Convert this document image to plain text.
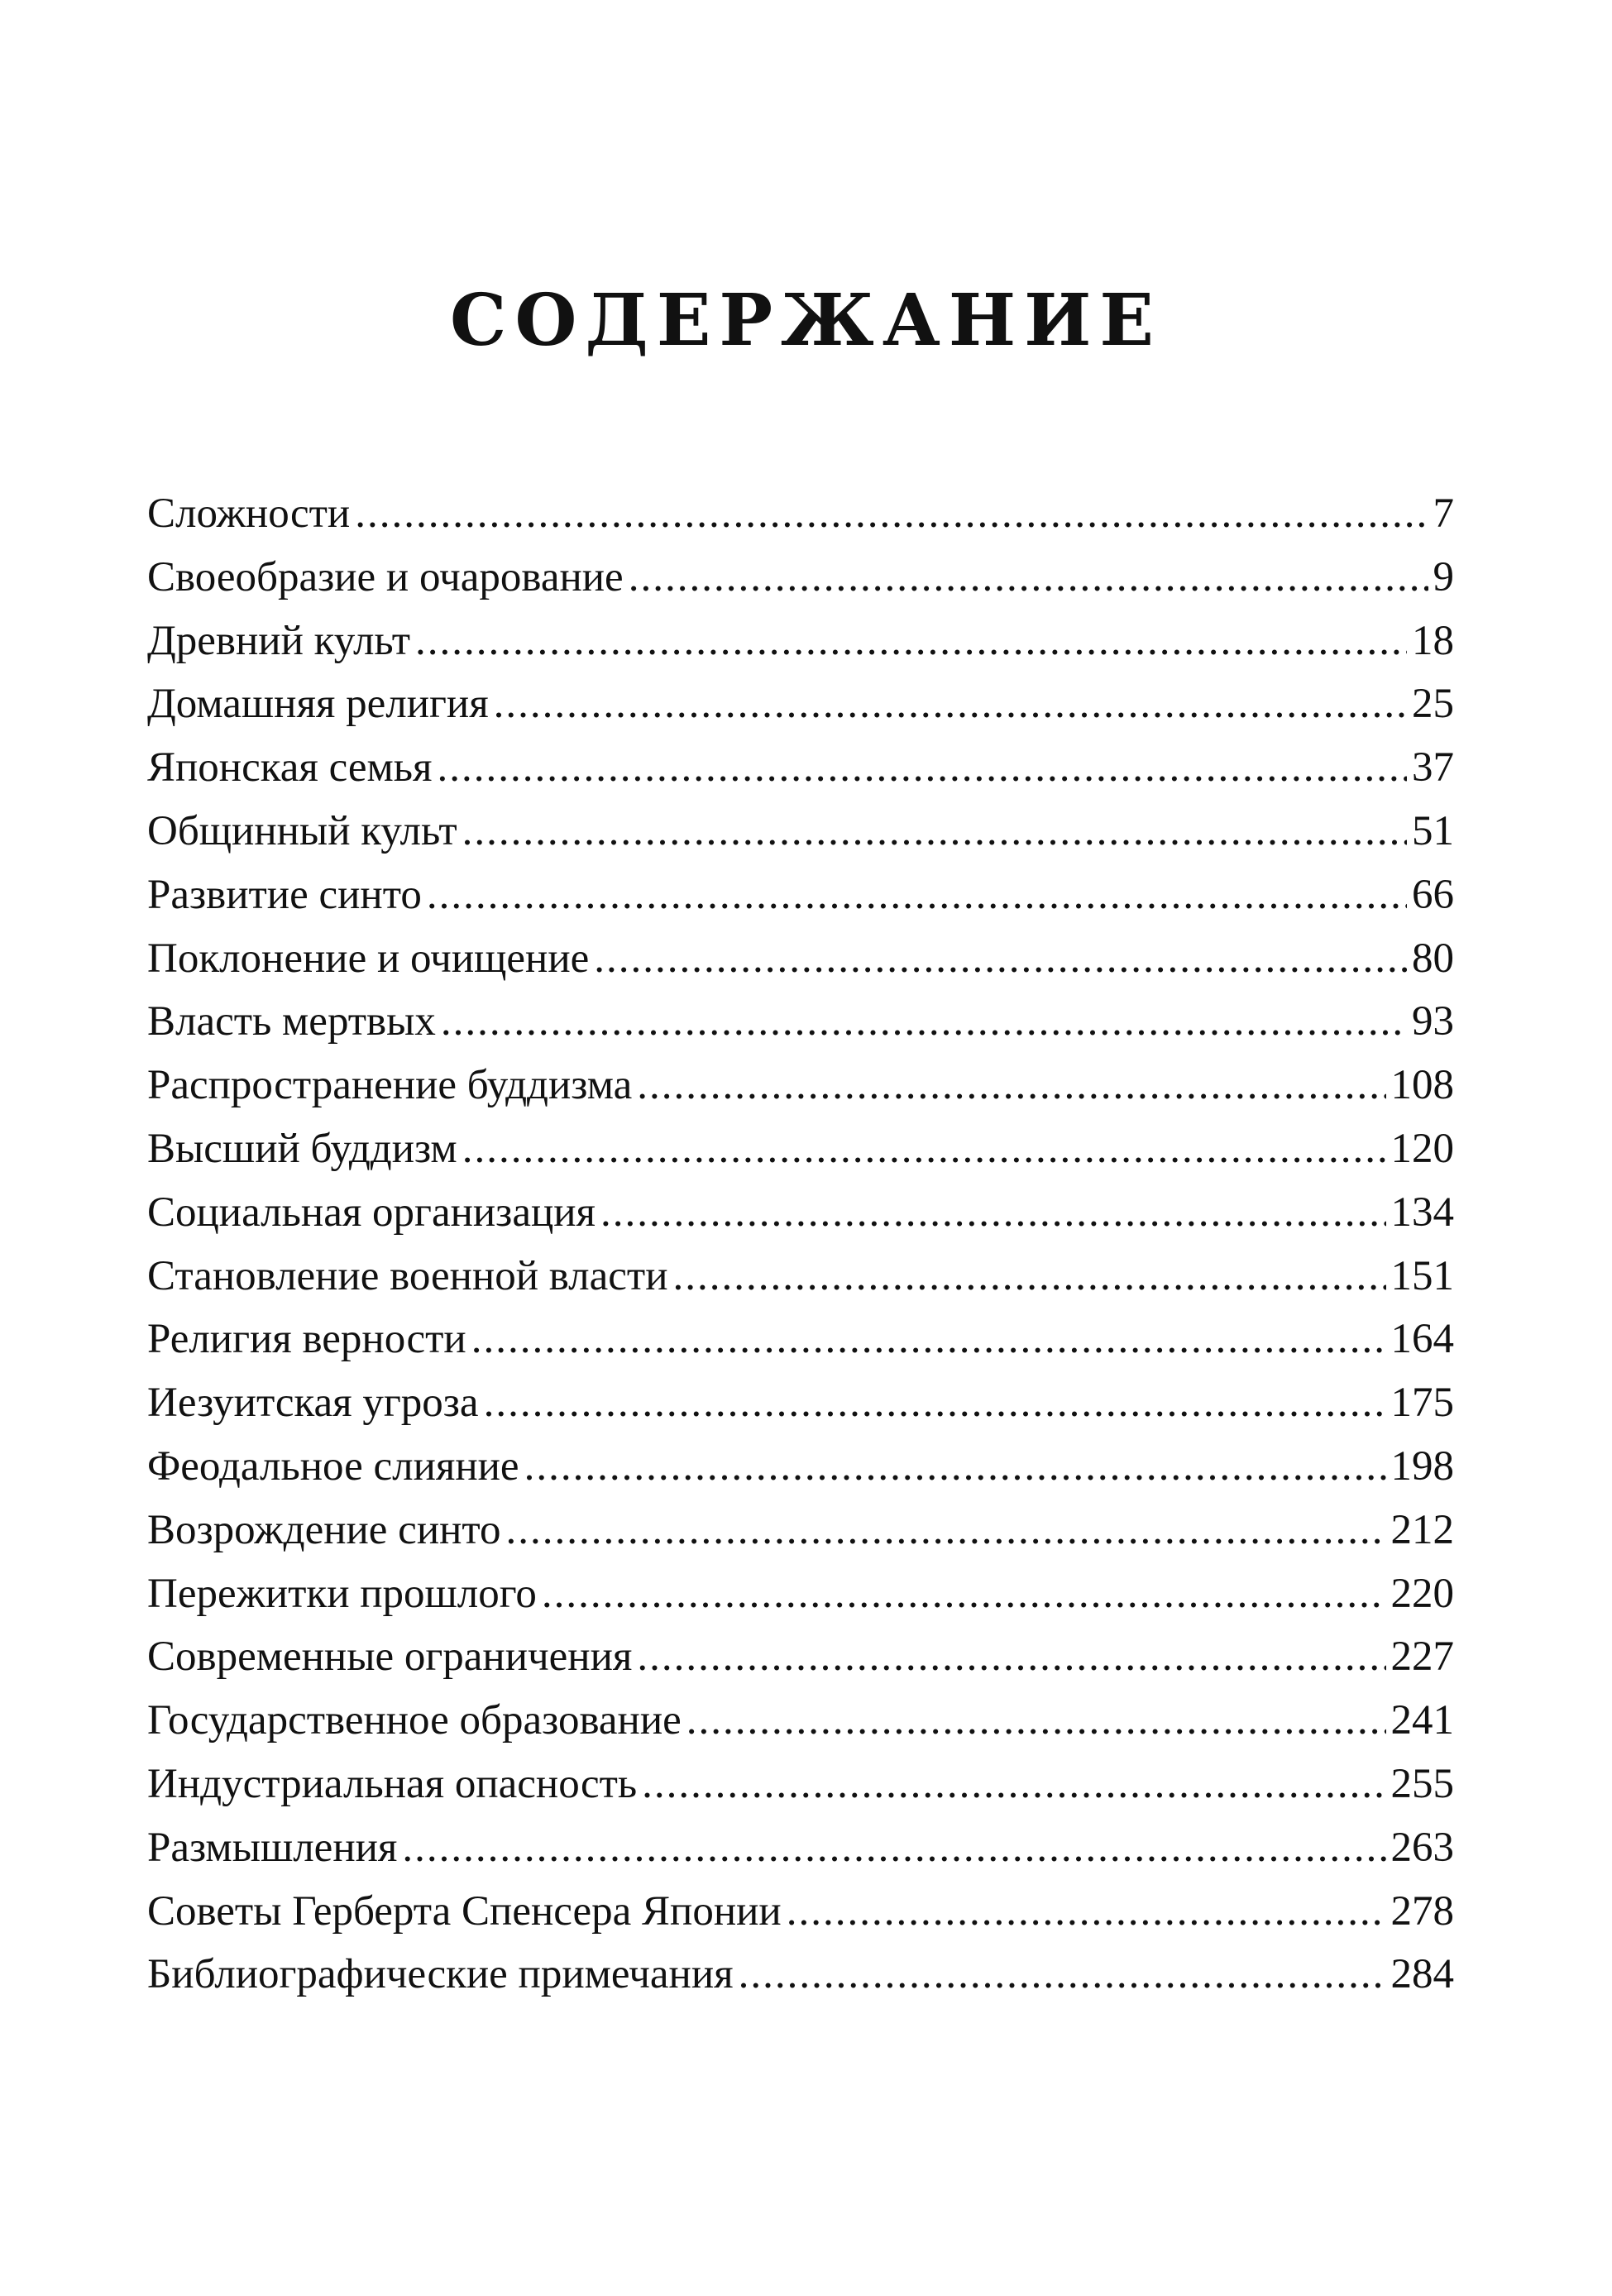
СОДЕРЖАНИЕ
Сложности .....	7
Своеобразие и очарование .....	9
Древний культ .....	18
Домашняя религия .....	25
Японская семья .....	37
Общинный культ .....	51
Развитие синто .....	66
Поклонение и очищение .....	80
Власть мертвых .....	93
Распространение буддизма .....	108
Высший буддизм .....	120
Социальная организация .....	134
Становление военной власти .....	151
Религия верности .....	164
Иезуитская угроза .....	175
Феодальное слияние .....	198
Возрождение синто .....	212
Пережитки прошлого .....	220
Современные ограничения .....	227
Государственное образование .....	241
Индустриальная опасность .....	255
Размышления .....	263
Советы Герберта Спенсера Японии .....	278
Библиографические примечания .....	284
